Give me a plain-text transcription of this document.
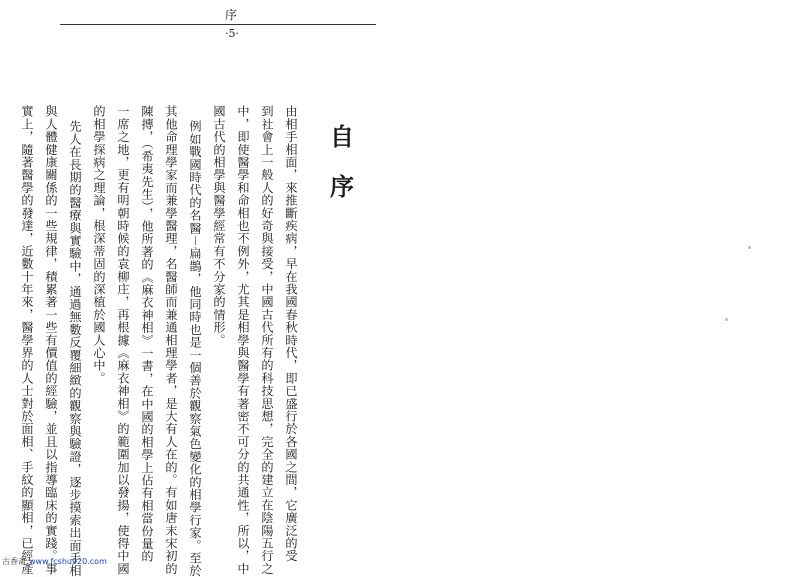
序
·5·
自
序
由相手相面，來推斷疾病，早在我國春秋時代，即已盛行於各國之間，它廣泛的受
到社會上一般人的好奇與接受，中國古代所有的科技思想，完全的建立在陰陽五行之
中，即使醫學和命相也不例外，尤其是相學與醫學有著密不可分的共通性，所以，中
國古代的相學與醫學經常有不分家的情形。
例如戰國時代的名醫－扁鵲，他同時也是一個善於觀察氣色變化的相學行家。至於
其他命理學家而兼學醫理，名醫師而兼通相理學者，是大有人在的。有如唐末宋初的
陳摶，（希夷先生），他所著的《麻衣神相》一書，在中國的相學上佔有相當份量的
一席之地，更有明朝時候的袁柳庄，再根據《麻衣神相》的範圍加以發揚，使得中國
的相學探病之理論，根深蒂固的深植於國人心中。
先人在長期的醫療與實驗中，通過無數反覆細緻的觀察與驗證，逐步摸索出面手相
與人體健康關係的一些規律，積累著一些有價值的經驗，並且以指導臨床的實踐。事
實上，隨著醫學的發達，近數十年來，醫學界的人士對於面相、手紋的顯相，已經產
古香斋 www.fcshu920.com
